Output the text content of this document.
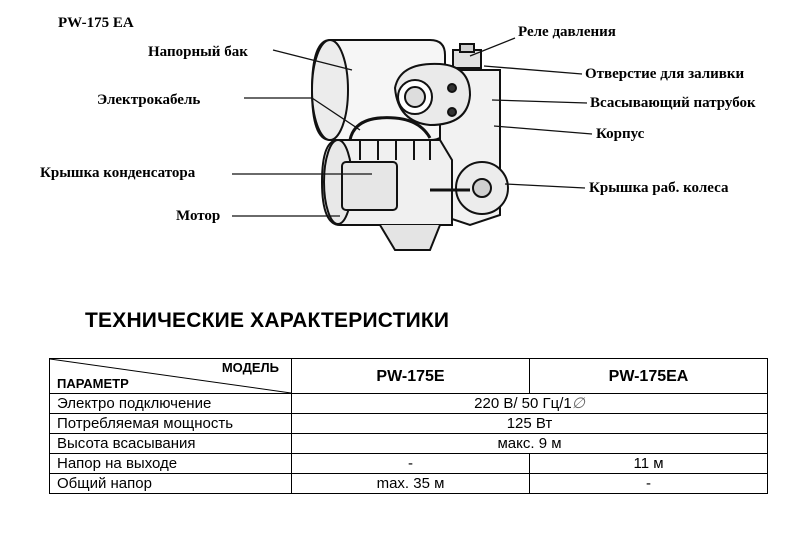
PW-175 EA
Напорный бак
Электрокабель
Крышка конденсатора
Мотор
Реле давления
Отверстие для заливки
Всасывающий патрубок
Корпус
Крышка раб. колеса
ТЕХНИЧЕСКИЕ ХАРАКТЕРИСТИКИ
МОДЕЛЬ
ПАРАМЕТР	PW-175E	PW-175EA
Электро подключение	220 В/ 50 Гц/1∅	
Потребляемая мощность	125 Вт	
Высота всасывания	макс. 9 м	
Напор на выходе	-	11 м
Общий напор	max. 35 м	-
